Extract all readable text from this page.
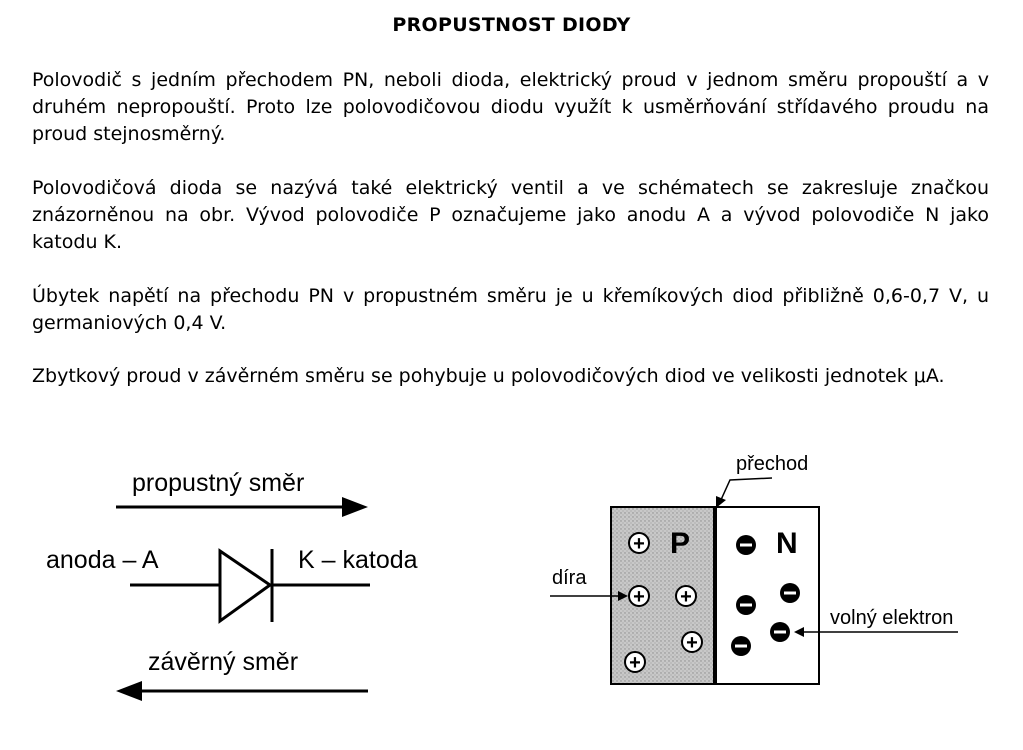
PROPUSTNOST DIODY

Polovodič s jedním přechodem PN, neboli dioda, elektrický proud v jednom směru propouští a v druhém nepropouští. Proto lze polovodičovou diodu využít k usměrňování střídavého proudu na proud stejnosměrný.

Polovodičová dioda se nazývá také elektrický ventil a ve schématech se zakresluje značkou znázorněnou na obr. Vývod polovodiče P označujeme jako anodu A a vývod polovodiče N jako katodu K.

Úbytek napětí na přechodu PN v propustném směru je u křemíkových diod přibližně 0,6-0,7 V, u germaniových 0,4 V.

Zbytkový proud v závěrném směru se pohybuje u polovodičových diod ve velikosti jednotek μA.

propustný směr
anoda – A	K – katoda
závěrný směr
přechod
P	N
+
+ +
+
+
díra
volný elektron
